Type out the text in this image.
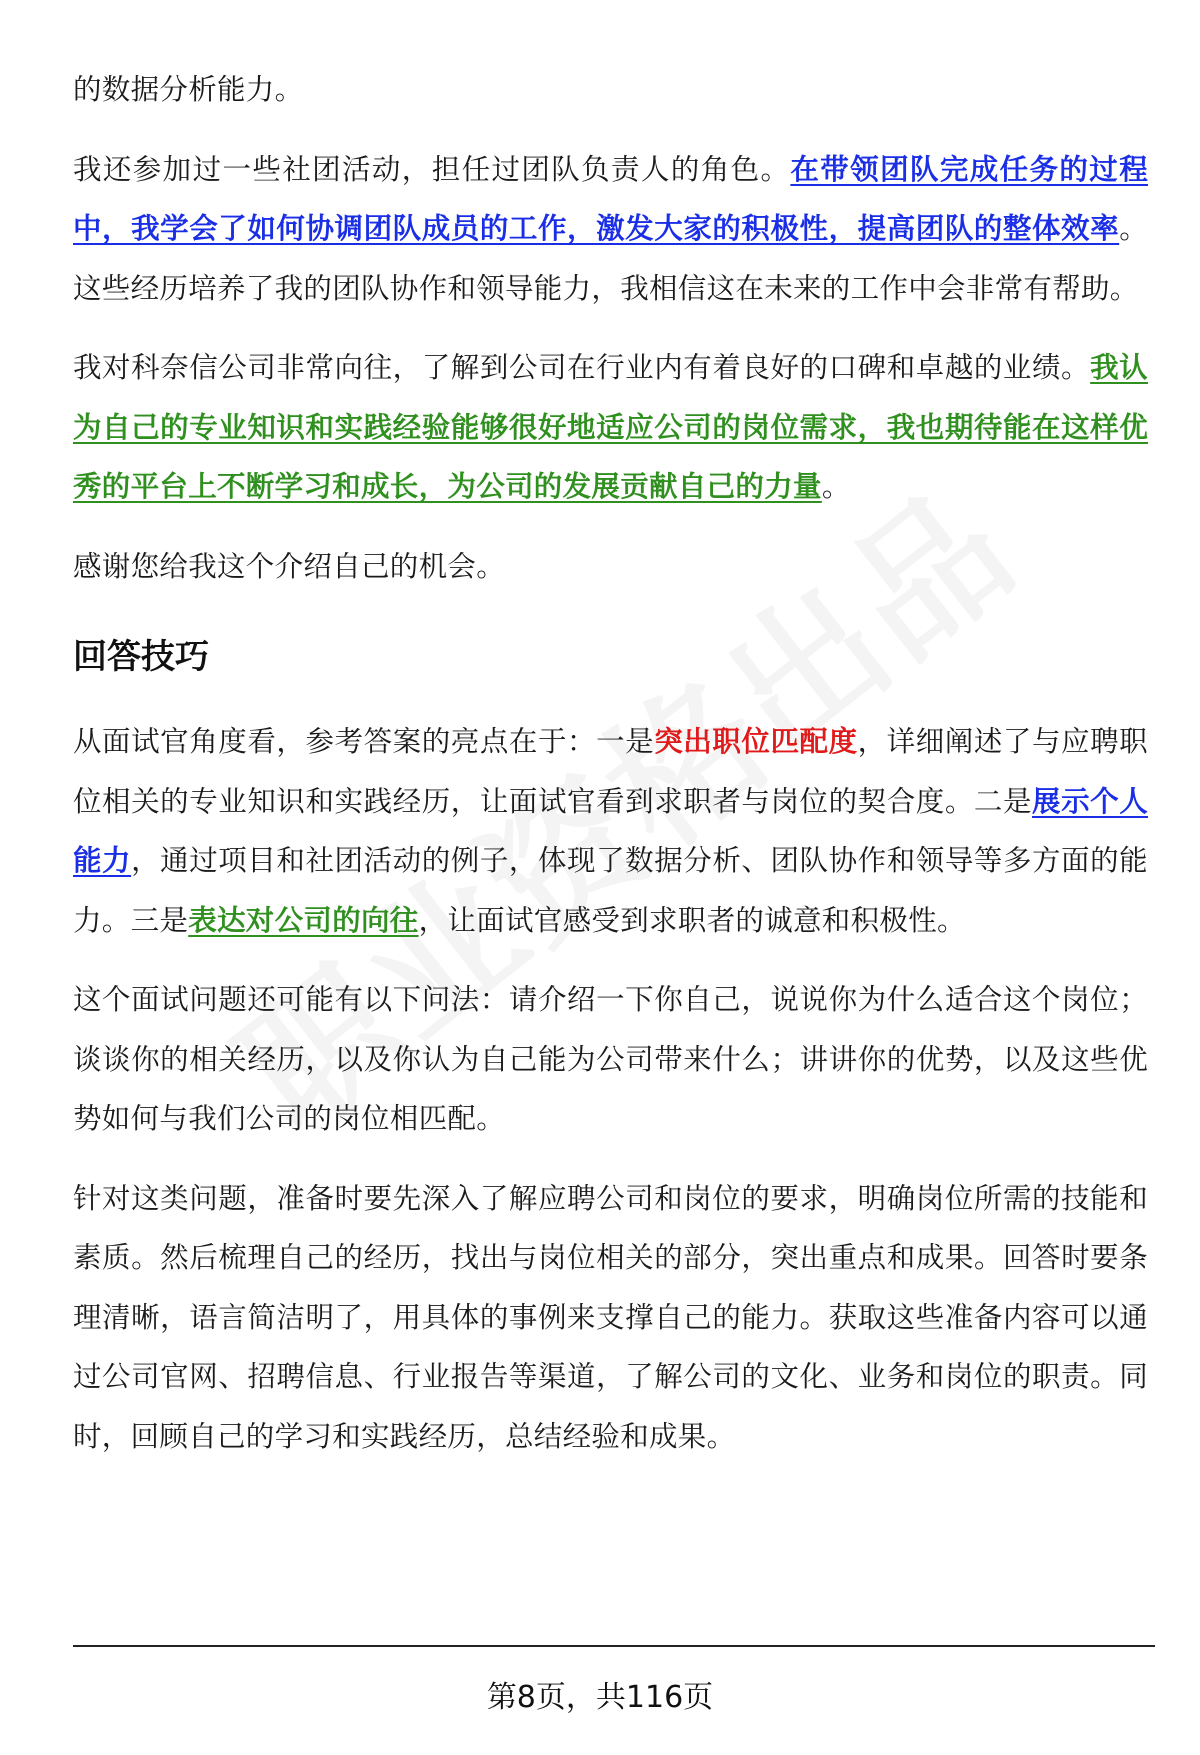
的数据分析能力。

我还参加过一些社团活动，担任过团队负责人的角色。在带领团队完成任务的过程中，我学会了如何协调团队成员的工作，激发大家的积极性，提高团队的整体效率。这些经历培养了我的团队协作和领导能力，我相信这在未来的工作中会非常有帮助。

我对科奈信公司非常向往，了解到公司在行业内有着良好的口碑和卓越的业绩。我认为自己的专业知识和实践经验能够很好地适应公司的岗位需求，我也期待能在这样优秀的平台上不断学习和成长，为公司的发展贡献自己的力量。

感谢您给我这个介绍自己的机会。

回答技巧

从面试官角度看，参考答案的亮点在于：一是突出职位匹配度，详细阐述了与应聘职位相关的专业知识和实践经历，让面试官看到求职者与岗位的契合度。二是展示个人能力，通过项目和社团活动的例子，体现了数据分析、团队协作和领导等多方面的能力。三是表达对公司的向往，让面试官感受到求职者的诚意和积极性。

这个面试问题还可能有以下问法：请介绍一下你自己，说说你为什么适合这个岗位；谈谈你的相关经历，以及你认为自己能为公司带来什么；讲讲你的优势，以及这些优势如何与我们公司的岗位相匹配。

针对这类问题，准备时要先深入了解应聘公司和岗位的要求，明确岗位所需的技能和素质。然后梳理自己的经历，找出与岗位相关的部分，突出重点和成果。回答时要条理清晰，语言简洁明了，用具体的事例来支撑自己的能力。获取这些准备内容可以通过公司官网、招聘信息、行业报告等渠道，了解公司的文化、业务和岗位的职责。同时，回顾自己的学习和实践经历，总结经验和成果。

第8页，共116页
